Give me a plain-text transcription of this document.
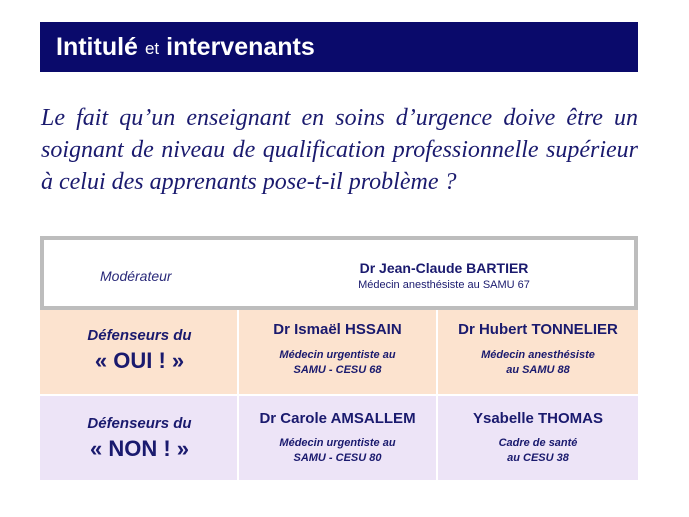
Intitulé et intervenants
Le fait qu’un enseignant en soins d’urgence doive être un soignant de niveau de qualification professionnelle supérieur à celui des apprenants pose-t-il problème ?
Modérateur	Dr Jean-Claude BARTIER
Médecin anesthésiste au SAMU 67
Défenseurs du
« OUI ! »
Dr Ismaël HSSAIN
Médecin urgentiste au
SAMU - CESU 68
Dr Hubert TONNELIER
Médecin anesthésiste
au SAMU 88
Défenseurs du
« NON ! »
Dr Carole AMSALLEM
Médecin urgentiste au
SAMU - CESU 80
Ysabelle THOMAS
Cadre de santé
au CESU 38
